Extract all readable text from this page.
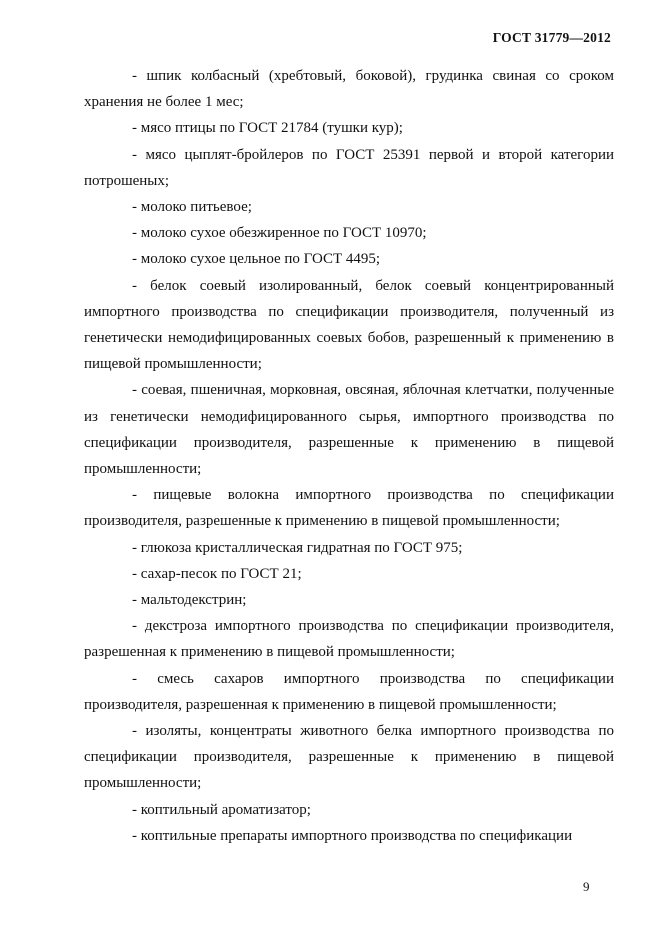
ГОСТ 31779—2012

- шпик колбасный (хребтовый, боковой), грудинка свиная со сроком хранения не более 1 мес;

- мясо птицы по ГОСТ 21784 (тушки кур);

- мясо цыплят-бройлеров по ГОСТ 25391 первой и второй категории потрошеных;

- молоко питьевое;

- молоко сухое обезжиренное по ГОСТ 10970;

- молоко сухое цельное по ГОСТ 4495;

- белок соевый изолированный, белок соевый концентрированный импортного производства по спецификации производителя, полученный из генетически немодифицированных соевых бобов, разрешенный к применению в пищевой промышленности;

- соевая, пшеничная, морковная, овсяная, яблочная клетчатки, полученные из генетически немодифицированного сырья, импортного производства по спецификации производителя, разрешенные к применению в пищевой промышленности;

- пищевые волокна импортного производства по спецификации производителя, разрешенные к применению в пищевой промышленности;

- глюкоза кристаллическая гидратная по ГОСТ 975;

- сахар-песок по ГОСТ 21;

- мальтодекстрин;

- декстроза импортного производства по спецификации производителя, разрешенная к применению в пищевой промышленности;

- смесь сахаров импортного производства по спецификации производителя, разрешенная к применению в пищевой промышленности;

- изоляты, концентраты животного белка импортного производства по спецификации производителя, разрешенные к применению в пищевой промышленности;

- коптильный ароматизатор;

- коптильные препараты импортного производства по спецификации

9
